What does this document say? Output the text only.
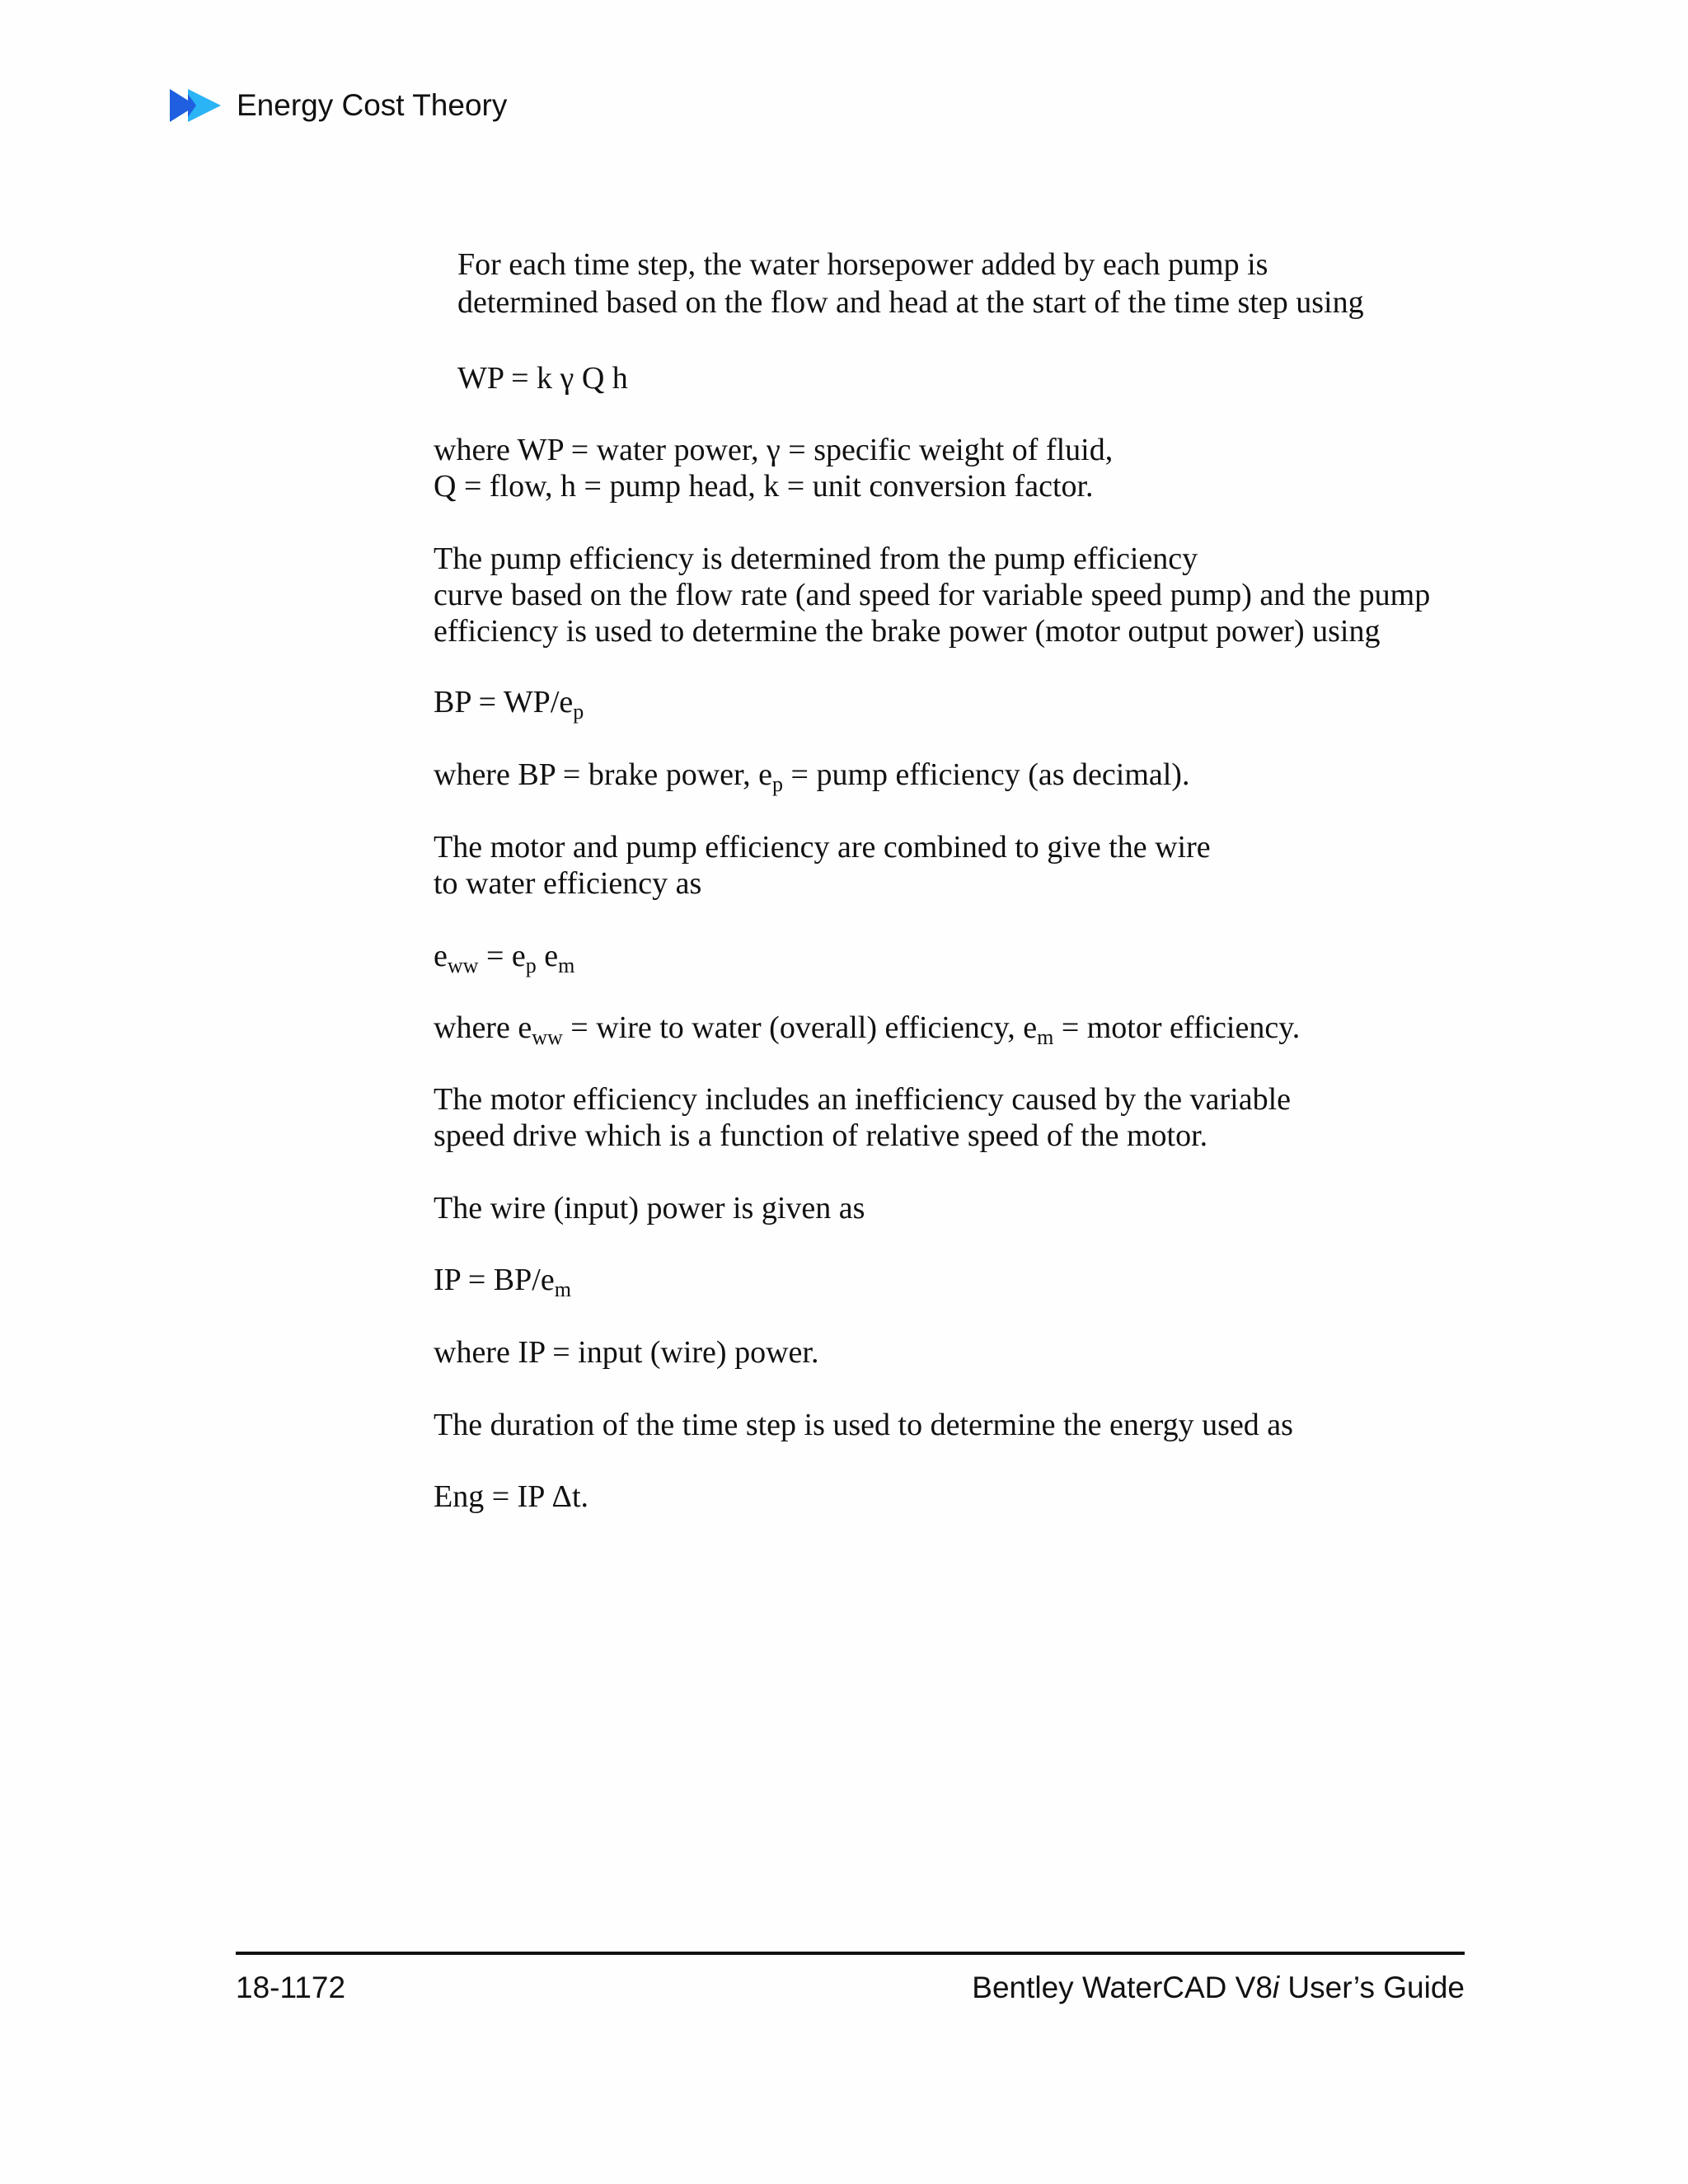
Energy Cost Theory

For each time step, the water horsepower added by each pump is

determined based on the flow and head at the start of the time step using

WP = k γ Q h

where WP = water power, γ = specific weight of fluid,

Q = flow, h = pump head, k = unit conversion factor.

The pump efficiency is determined from the pump efficiency

curve based on the flow rate (and speed for variable speed pump) and the pump

efficiency is used to determine the brake power (motor output power) using

BP = $WP/e_p$

where BP = brake power, $e_p$ = pump efficiency (as decimal).

The motor and pump efficiency are combined to give the wire

to water efficiency as

$e_{ww} = e_p$ $e_m$

where $e_{ww}$ = wire to water (overall) efficiency, $e_m$ = motor efficiency.

The motor efficiency includes an inefficiency caused by the variable

speed drive which is a function of relative speed of the motor.

The wire (input) power is given as

IP = $BP/e_m$

where IP = input (wire) power.

The duration of the time step is used to determine the energy used as

Eng = IP Δt.

18-1172	Bentley WaterCAD V8i User’s Guide
